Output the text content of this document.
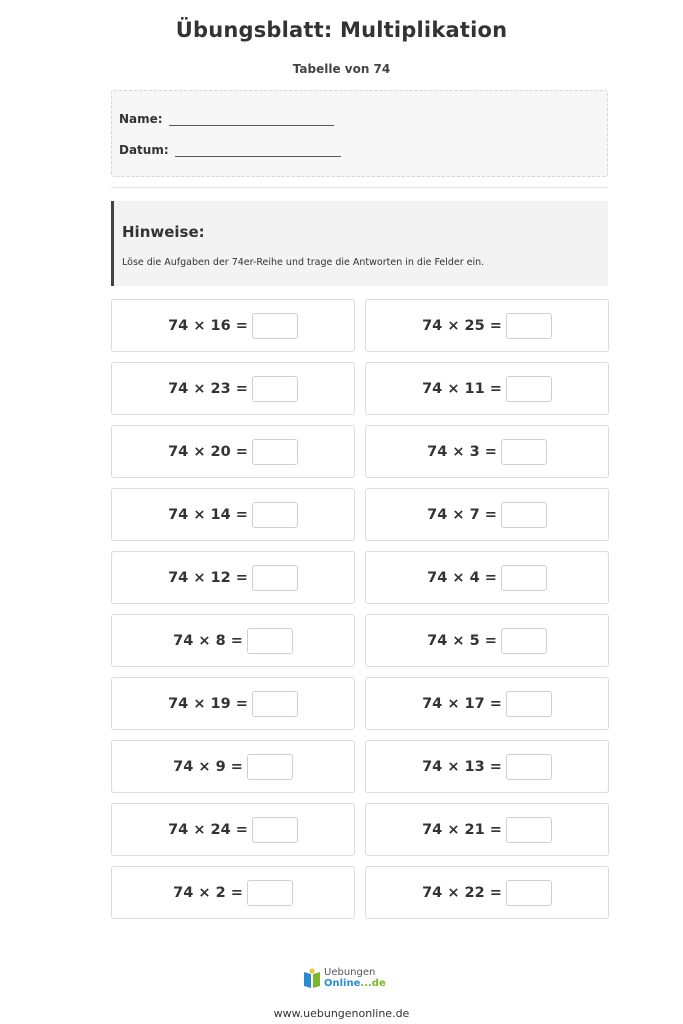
Übungsblatt: Multiplikation
Tabelle von 74
Name:
Datum:
Hinweise:
Löse die Aufgaben der 74er-Reihe und trage die Antworten in die Felder ein.
74 × 16 =	74 × 25 =
74 × 23 =	74 × 11 =
74 × 20 =	74 × 3 =
74 × 14 =	74 × 7 =
74 × 12 =	74 × 4 =
74 × 8 =	74 × 5 =
74 × 19 =	74 × 17 =
74 × 9 =	74 × 13 =
74 × 24 =	74 × 21 =
74 × 2 =	74 × 22 =
Uebungen
Online...de
www.uebungenonline.de
